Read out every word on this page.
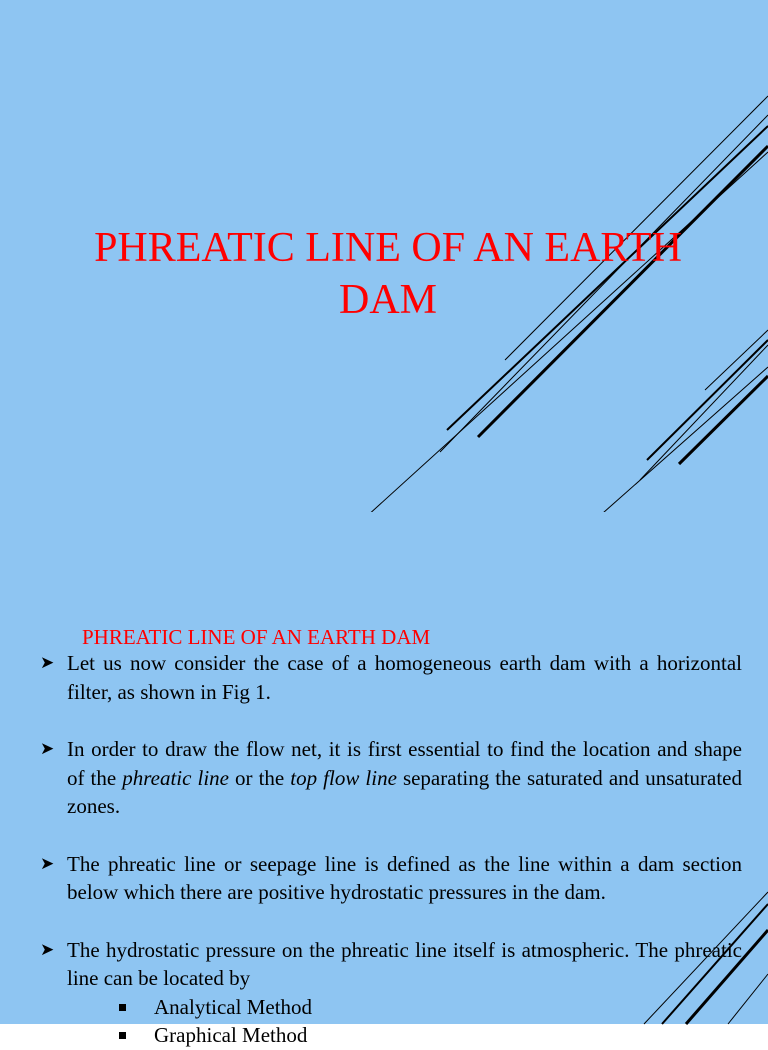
PHREATIC LINE OF AN EARTH DAM
PHREATIC LINE OF AN EARTH DAM
➤ Let us now consider the case of a homogeneous earth dam with a horizontal filter, as shown in Fig 1.
➤ In order to draw the flow net, it is first essential to find the location and shape of the phreatic line or the top flow line separating the saturated and unsaturated zones.
➤ The phreatic line or seepage line is defined as the line within a dam section below which there are positive hydrostatic pressures in the dam.
➤ The hydrostatic pressure on the phreatic line itself is atmospheric. The phreatic line can be located by
Analytical Method
Graphical Method
